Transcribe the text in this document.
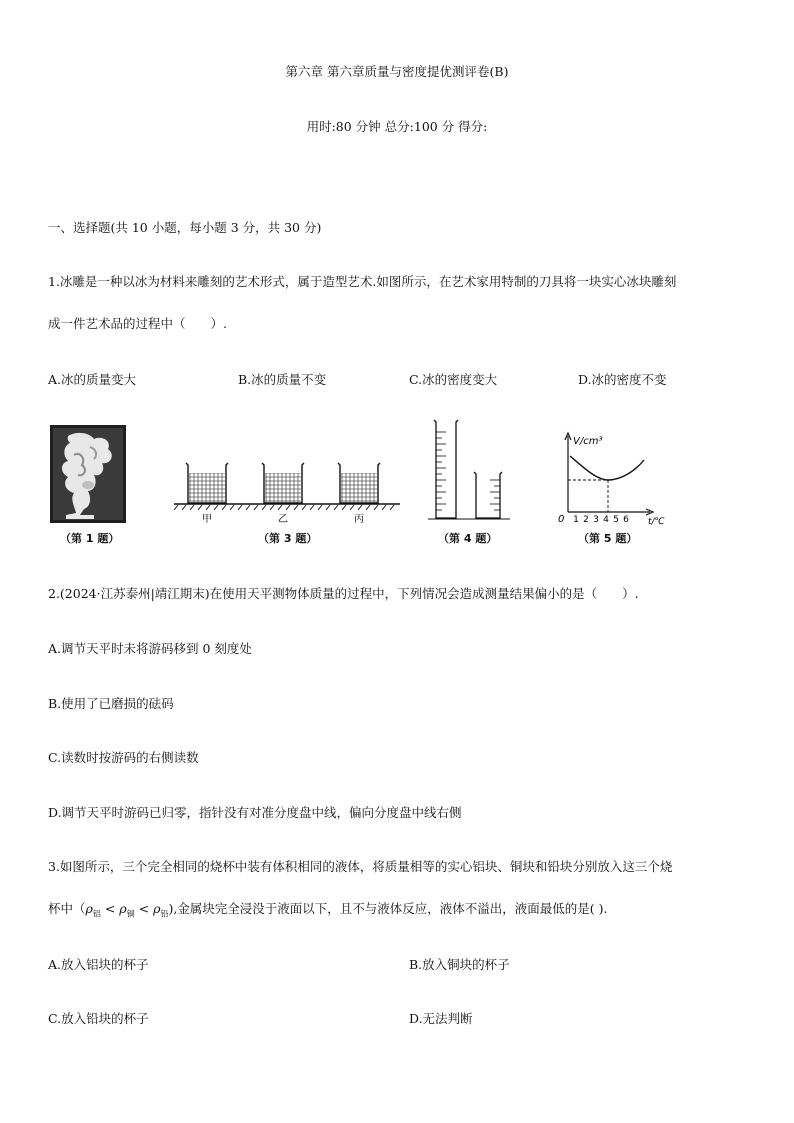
第六章 第六章质量与密度提优测评卷(B)
用时:80 分钟 总分:100 分 得分:
一、选择题(共 10 小题，每小题 3 分，共 30 分)
1.冰雕是一种以冰为材料来雕刻的艺术形式，属于造型艺术.如图所示，在艺术家用特制的刀具将一块实心冰块雕刻
成一件艺术品的过程中（　　）.
A.冰的质量变大	B.冰的质量不变	C.冰的密度变大	D.冰的密度不变
（第 1 题）
甲	乙	丙
（第 3 题）	（第 4 题）
V/cm³
0 1 2 3 4 5 6 t/℃
（第 5 题）
2.(2024·江苏泰州|靖江期末)在使用天平测物体质量的过程中，下列情况会造成测量结果偏小的是（　　）.
A.调节天平时未将游码移到 0 刻度处
B.使用了已磨损的砝码
C.读数时按游码的右侧读数
D.调节天平时游码已归零，指针没有对准分度盘中线，偏向分度盘中线右侧
3.如图所示，三个完全相同的烧杯中装有体积相同的液体，将质量相等的实心铝块、铜块和铅块分别放入这三个烧
杯中$(\rho_铝 < \rho_铜 < \rho_铅)$,金属块完全浸没于液面以下，且不与液体反应，液体不溢出，液面最低的是( ).
A.放入铝块的杯子	B.放入铜块的杯子
C.放入铅块的杯子	D.无法判断
